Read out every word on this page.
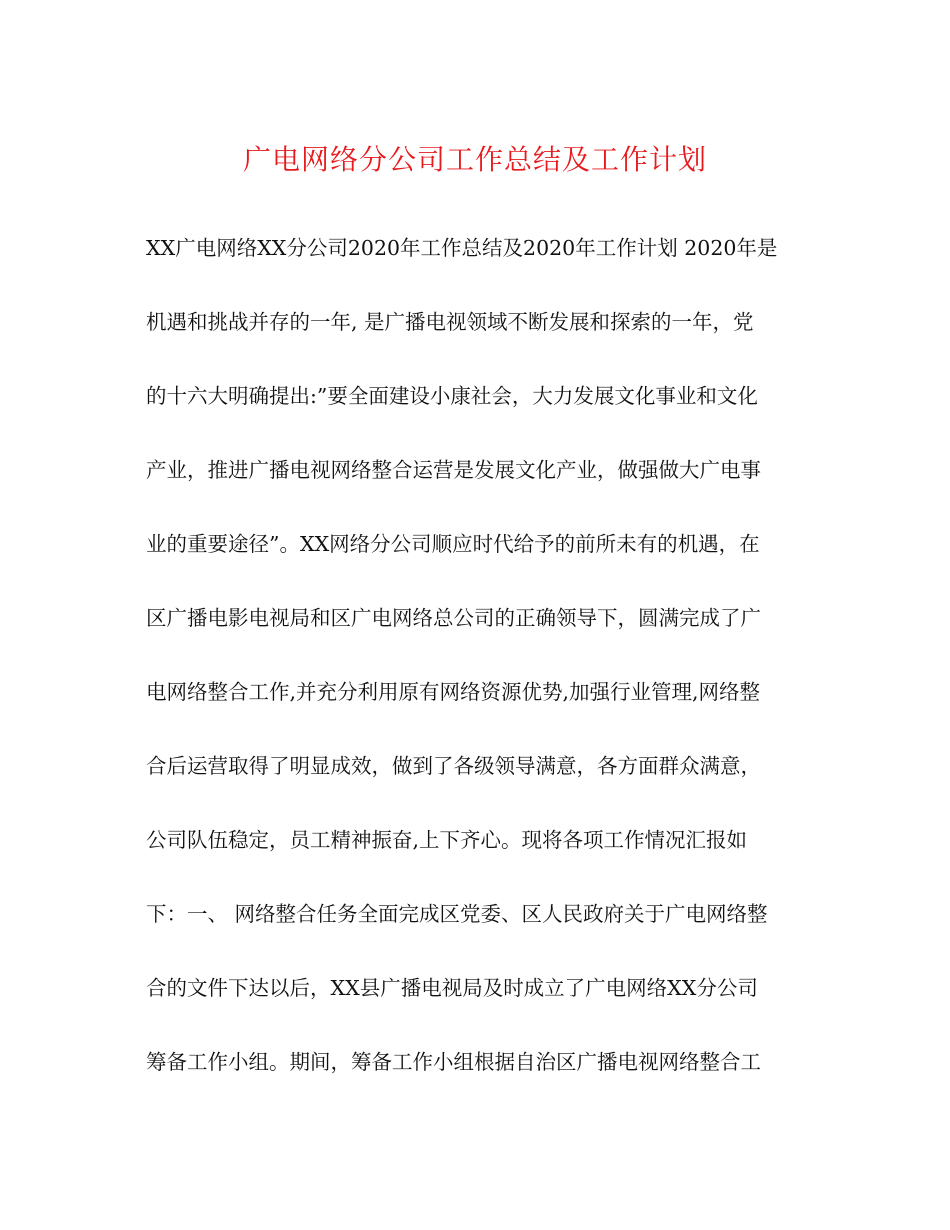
广电网络分公司工作总结及工作计划
XX广电网络XX分公司2020年工作总结及2020年工作计划 2020年是
机遇和挑战并存的一年, 是广播电视领域不断发展和探索的一年，党
的十六大明确提出:”要全面建设小康社会，大力发展文化事业和文化
产业，推进广播电视网络整合运营是发展文化产业，做强做大广电事
业的重要途径”。XX网络分公司顺应时代给予的前所未有的机遇，在
区广播电影电视局和区广电网络总公司的正确领导下，圆满完成了广
电网络整合工作,并充分利用原有网络资源优势,加强行业管理,网络整
合后运营取得了明显成效，做到了各级领导满意，各方面群众满意，
公司队伍稳定，员工精神振奋,上下齐心。现将各项工作情况汇报如
下：一、 网络整合任务全面完成区党委、区人民政府关于广电网络整
合的文件下达以后，XX县广播电视局及时成立了广电网络XX分公司
筹备工作小组。期间，筹备工作小组根据自治区广播电视网络整合工
